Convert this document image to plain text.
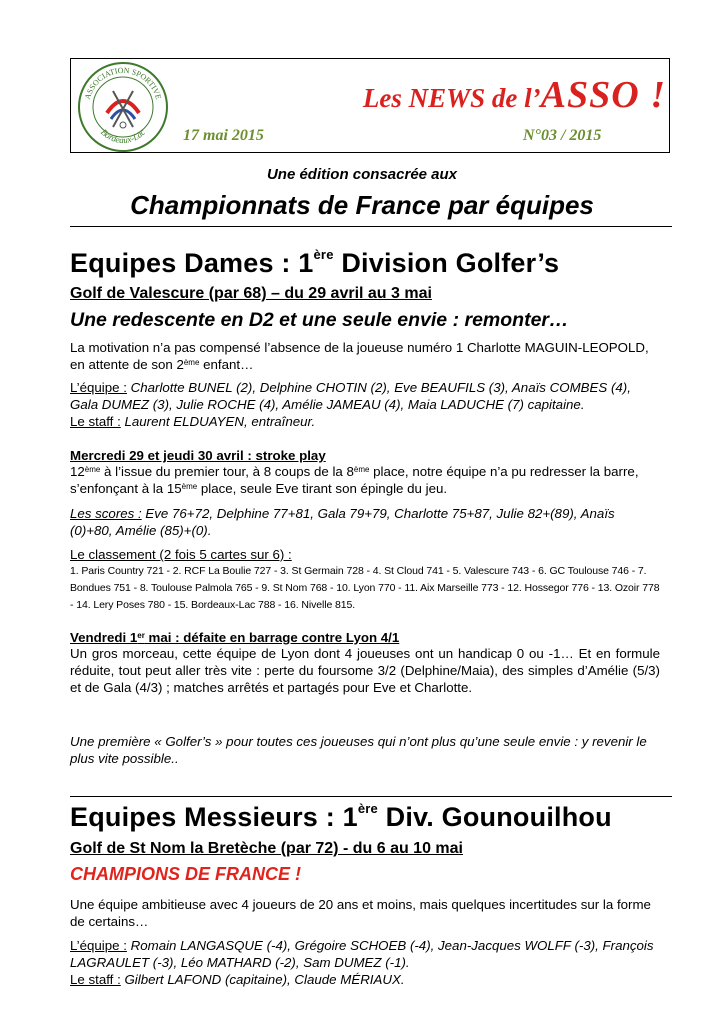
ASSOCIATION SPORTIVE
Bordeaux-Lac
Les NEWS de l’ASSO !
17 mai 2015	N°03 / 2015
Une édition consacrée aux
Championnats de France par équipes
Equipes Dames : 1ère Division Golfer’s
Golf de Valescure (par 68) – du 29 avril au 3 mai
Une redescente en D2 et une seule envie : remonter…
La motivation n’a pas compensé l’absence de la joueuse numéro 1 Charlotte MAGUIN-LEOPOLD, en attente de son 2ème enfant…
L’équipe : Charlotte BUNEL (2), Delphine CHOTIN (2), Eve BEAUFILS (3), Anaïs COMBES (4), Gala DUMEZ (3), Julie ROCHE (4), Amélie JAMEAU (4), Maia LADUCHE (7) capitaine.
Le staff : Laurent ELDUAYEN, entraîneur.
Mercredi 29 et jeudi 30 avril : stroke play
12ème à l’issue du premier tour, à 8 coups de la 8ème place, notre équipe n’a pu redresser la barre, s’enfonçant à la 15ème place, seule Eve tirant son épingle du jeu.
Les scores : Eve 76+72, Delphine 77+81, Gala 79+79, Charlotte 75+87, Julie 82+(89), Anaïs (0)+80, Amélie (85)+(0).
Le classement (2 fois 5 cartes sur 6) :
1. Paris Country 721 - 2. RCF La Boulie 727 - 3. St Germain 728 - 4. St Cloud 741 - 5. Valescure 743 - 6. GC Toulouse 746 - 7. Bondues 751 - 8. Toulouse Palmola 765 - 9. St Nom 768 - 10. Lyon 770 - 11. Aix Marseille 773 - 12. Hossegor 776 - 13. Ozoir 778 - 14. Lery Poses 780 - 15. Bordeaux-Lac 788 - 16. Nivelle 815.
Vendredi 1er mai : défaite en barrage contre Lyon 4/1
Un gros morceau, cette équipe de Lyon dont 4 joueuses ont un handicap 0 ou -1… Et en formule réduite, tout peut aller très vite : perte du foursome 3/2 (Delphine/Maia), des simples d’Amélie (5/3) et de Gala (4/3) ; matches arrêtés et partagés pour Eve et Charlotte.
Une première « Golfer’s » pour toutes ces joueuses qui n’ont plus qu’une seule envie : y revenir le plus vite possible..
Equipes Messieurs : 1ère Div. Gounouilhou
Golf de St Nom la Bretèche (par 72) - du 6 au 10 mai
CHAMPIONS DE FRANCE !
Une équipe ambitieuse avec 4 joueurs de 20 ans et moins, mais quelques incertitudes sur la forme de certains…
L’équipe : Romain LANGASQUE (-4), Grégoire SCHOEB (-4), Jean-Jacques WOLFF (-3), François LAGRAULET (-3), Léo MATHARD (-2), Sam DUMEZ (-1).
Le staff : Gilbert LAFOND (capitaine), Claude MÉRIAUX.
